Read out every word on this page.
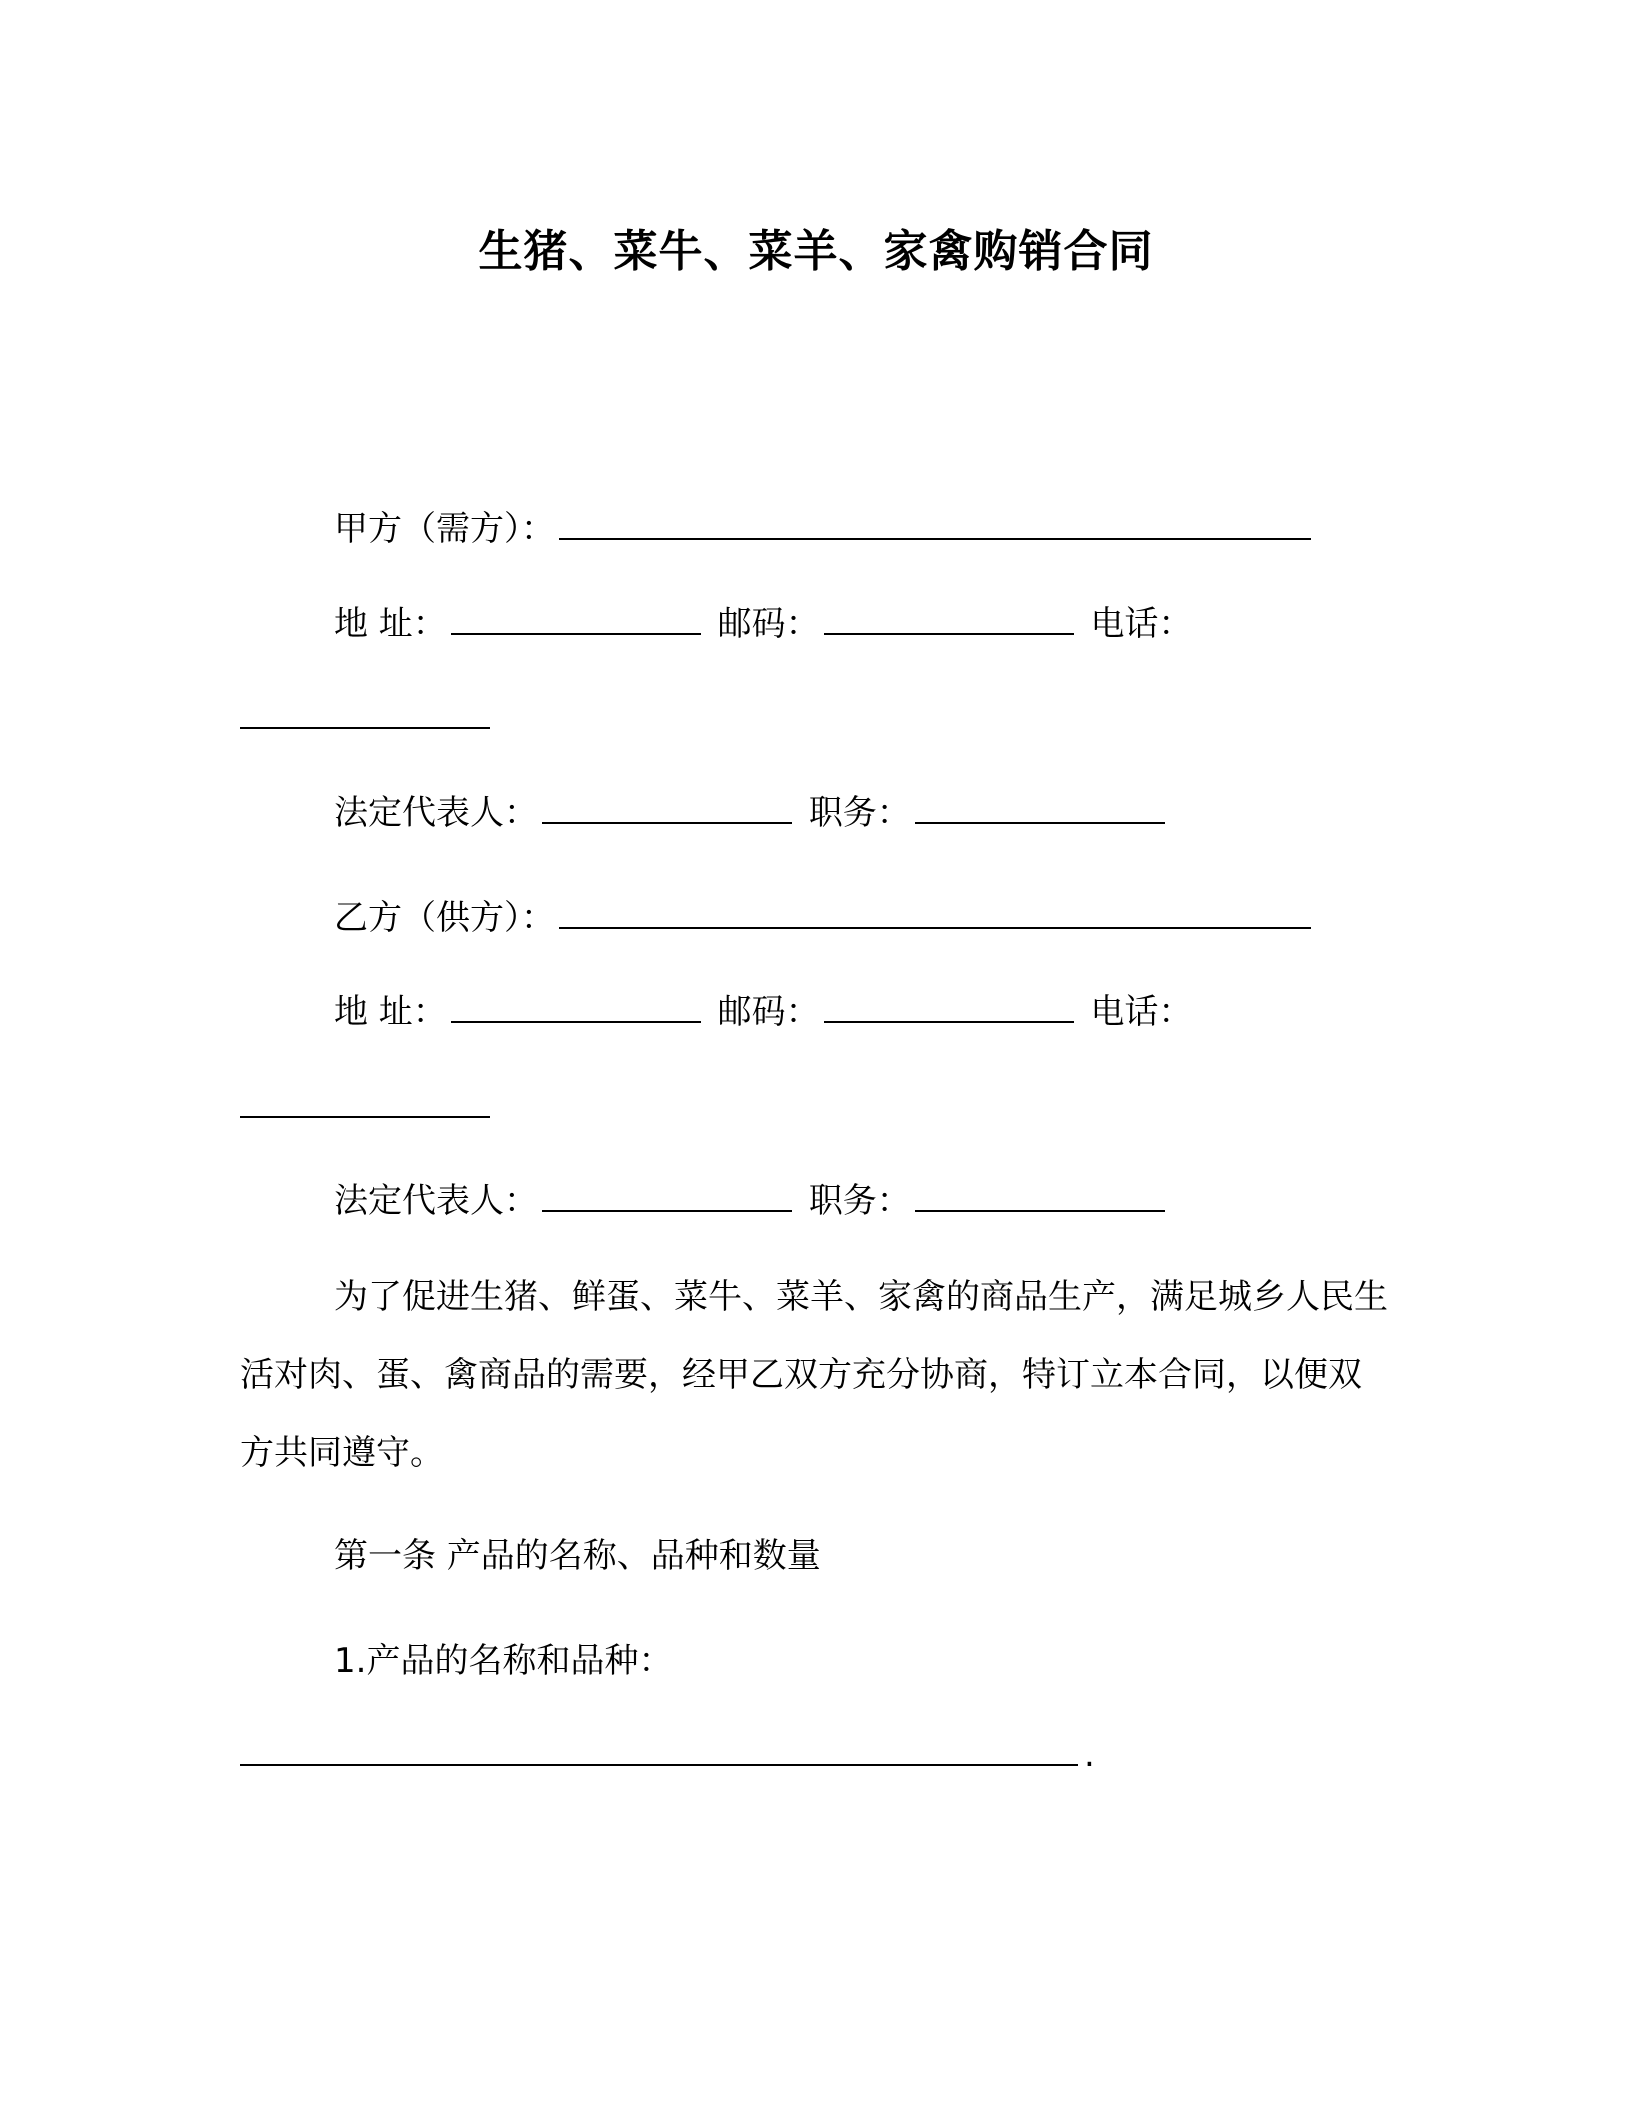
生猪、菜牛、菜羊、家禽购销合同
甲方（需方）：
地 址：	邮码：	电话：
法定代表人：	职务：
乙方（供方）：
地 址：	邮码：	电话：
法定代表人：	职务：
为了促进生猪、鲜蛋、菜牛、菜羊、家禽的商品生产，满足城乡人民生活对肉、蛋、禽商品的需要，经甲乙双方充分协商，特订立本合同，以便双方共同遵守。
第一条 产品的名称、品种和数量
1.产品的名称和品种：
.
